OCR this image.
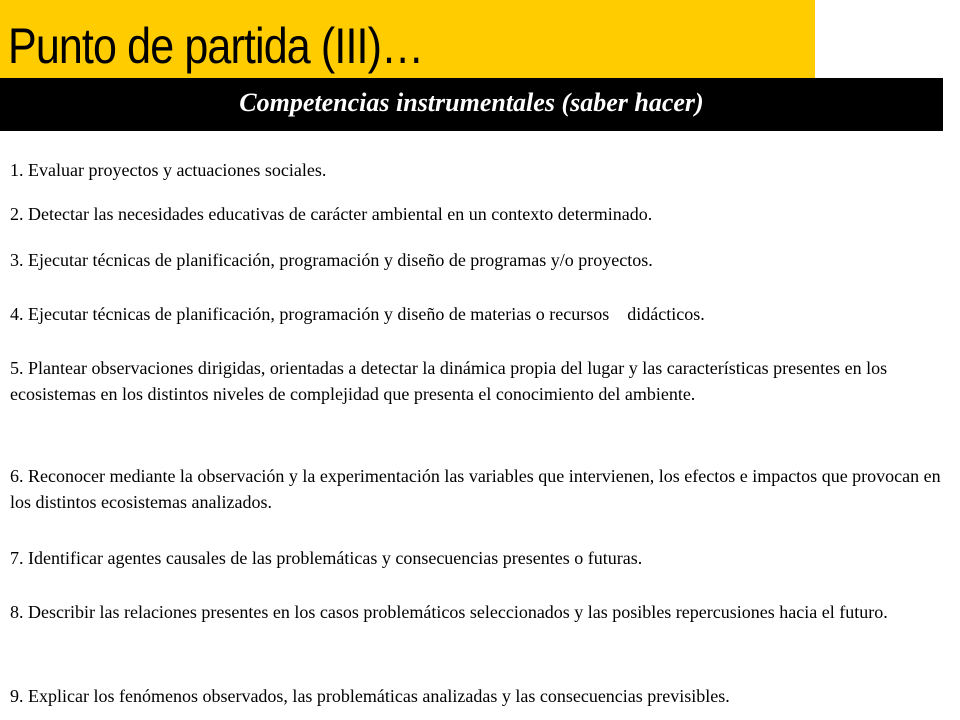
Punto de partida (III)…
Competencias instrumentales (saber hacer)

1. Evaluar proyectos y actuaciones sociales.

2. Detectar las necesidades educativas de carácter ambiental en un contexto determinado.

3. Ejecutar técnicas de planificación, programación y diseño de programas y/o proyectos.

4. Ejecutar técnicas de planificación, programación y diseño de materias o recursos didácticos.

5. Plantear observaciones dirigidas, orientadas a detectar la dinámica propia del lugar y las características presentes en los ecosistemas en los distintos niveles de complejidad que presenta el conocimiento del ambiente.

6. Reconocer mediante la observación y la experimentación las variables que intervienen, los efectos e impactos que provocan en los distintos ecosistemas analizados.

7. Identificar agentes causales de las problemáticas y consecuencias presentes o futuras.

8. Describir las relaciones presentes en los casos problemáticos seleccionados y las posibles repercusiones hacia el futuro.

9. Explicar los fenómenos observados, las problemáticas analizadas y las consecuencias previsibles.
